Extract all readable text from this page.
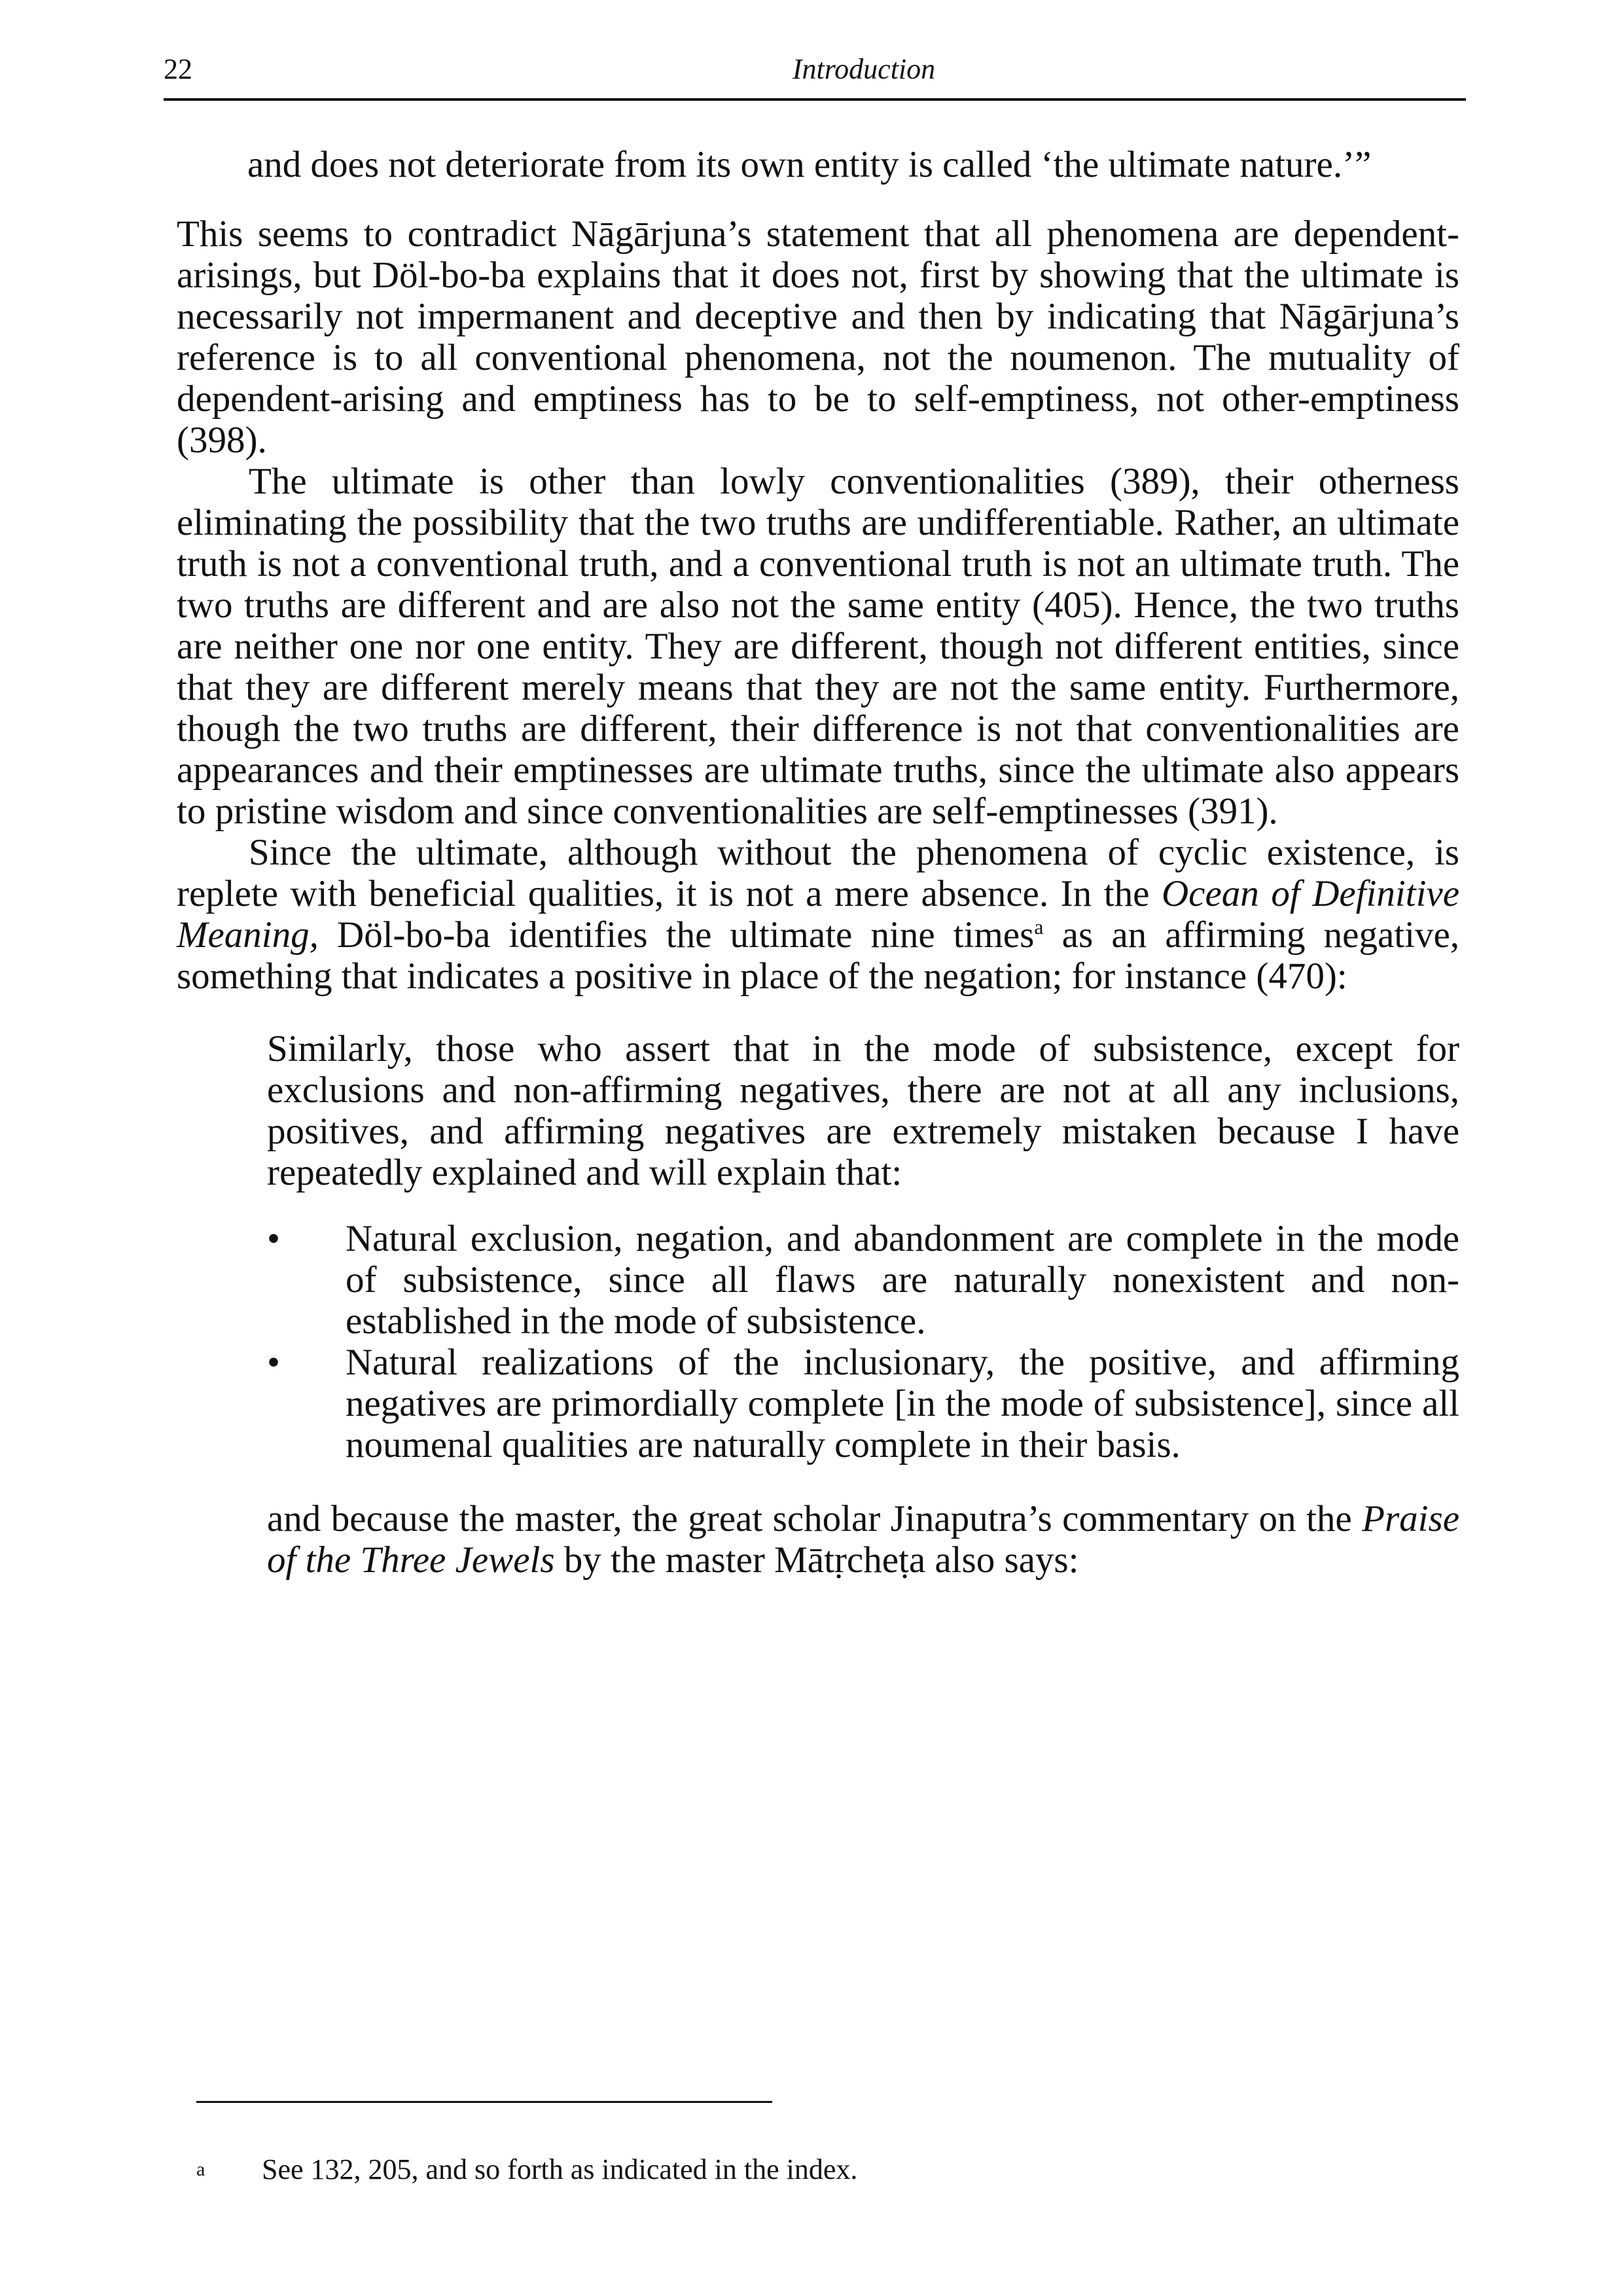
22	Introduction

and does not deteriorate from its own entity is called ‘the ultimate nature.’”

This seems to contradict Nāgārjuna’s statement that all phenomena are dependent-arisings, but Döl-bo-ba explains that it does not, first by showing that the ultimate is necessarily not impermanent and deceptive and then by indicating that Nāgārjuna’s reference is to all conventional phenomena, not the noumenon. The mutuality of dependent-arising and emptiness has to be to self-emptiness, not other-emptiness (398).

The ultimate is other than lowly conventionalities (389), their otherness eliminating the possibility that the two truths are undifferentiable. Rather, an ultimate truth is not a conventional truth, and a conventional truth is not an ultimate truth. The two truths are different and are also not the same entity (405). Hence, the two truths are neither one nor one entity. They are different, though not different entities, since that they are different merely means that they are not the same entity. Furthermore, though the two truths are different, their difference is not that conventionalities are appearances and their emptinesses are ultimate truths, since the ultimate also appears to pristine wisdom and since conventionalities are self-emptinesses (391).

Since the ultimate, although without the phenomena of cyclic existence, is replete with beneficial qualities, it is not a mere absence. In the Ocean of Definitive Meaning, Döl-bo-ba identifies the ultimate nine times$^a$ as an affirming negative, something that indicates a positive in place of the negation; for instance (470):

Similarly, those who assert that in the mode of subsistence, except for exclusions and non-affirming negatives, there are not at all any inclusions, positives, and affirming negatives are extremely mistaken because I have repeatedly explained and will explain that:

•	Natural exclusion, negation, and abandonment are complete in the mode of subsistence, since all flaws are naturally nonexistent and non-established in the mode of subsistence.
•	Natural realizations of the inclusionary, the positive, and affirming negatives are primordially complete [in the mode of subsistence], since all noumenal qualities are naturally complete in their basis.

and because the master, the great scholar Jinaputra’s commentary on the Praise of the Three Jewels by the master Mātṛcheṭa also says:

a See 132, 205, and so forth as indicated in the index.
